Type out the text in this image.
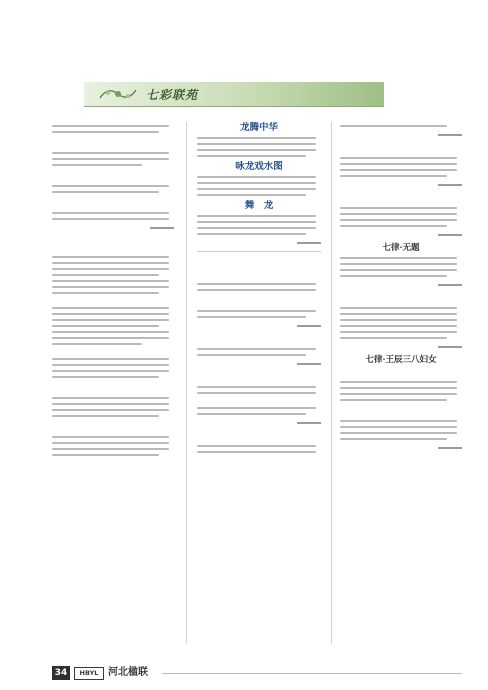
七彩联苑
龙腾中华
咏龙戏水图
舞　龙
七律·无题
七律·王辰三八妇女
34	HBYL 河北楹联
